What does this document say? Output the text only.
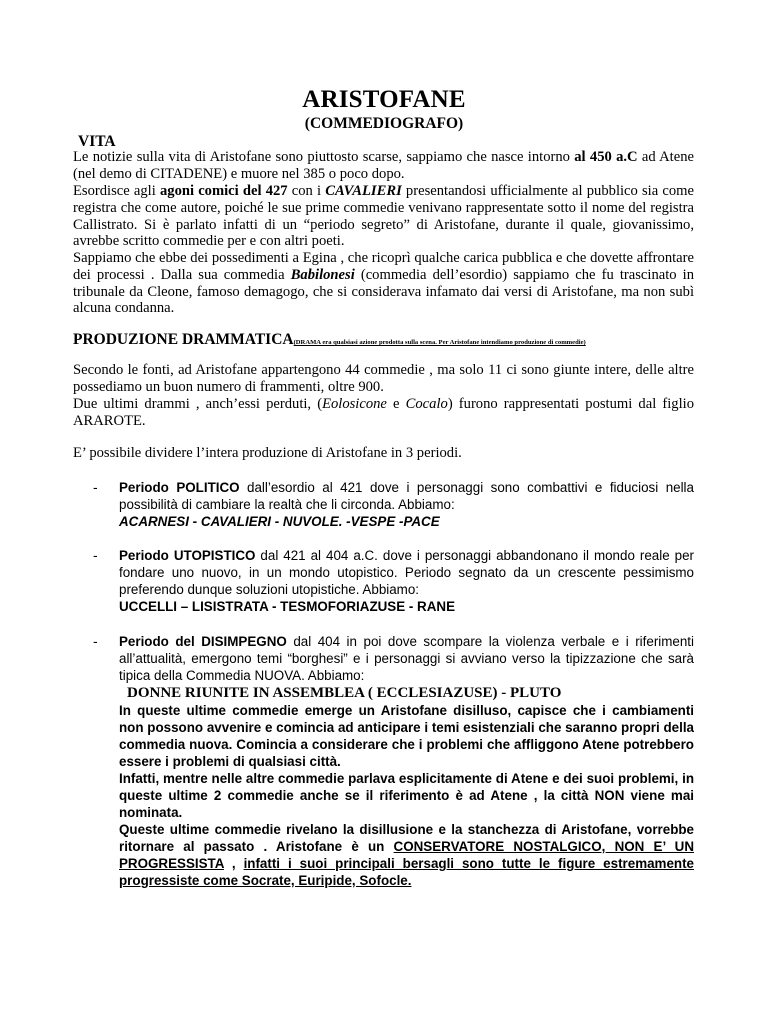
ARISTOFANE
(COMMEDIOGRAFO)
VITA
Le notizie sulla vita di Aristofane sono piuttosto scarse, sappiamo che nasce intorno al 450 a.C ad Atene (nel demo di CITADENE) e muore nel 385 o poco dopo.
Esordisce agli agoni comici del 427 con i CAVALIERI presentandosi ufficialmente al pubblico sia come registra che come autore, poiché le sue prime commedie venivano rappresentate sotto il nome del registra Callistrato. Si è parlato infatti di un “periodo segreto” di Aristofane, durante il quale, giovanissimo, avrebbe scritto commedie per e con altri poeti.
Sappiamo che ebbe dei possedimenti a Egina , che ricoprì qualche carica pubblica e che dovette affrontare dei processi . Dalla sua commedia Babilonesi (commedia dell’esordio) sappiamo che fu trascinato in tribunale da Cleone, famoso demagogo, che si considerava infamato dai versi di Aristofane, ma non subì alcuna condanna.
PRODUZIONE DRAMMATICA(DRAMA era qualsiasi azione prodotta sulla scena. Per Aristofane intendiamo produzione di commedie)
Secondo le fonti, ad Aristofane appartengono 44 commedie , ma solo 11 ci sono giunte intere, delle altre possediamo un buon numero di frammenti, oltre 900.
Due ultimi drammi , anch’essi perduti, (Eolosicone e Cocalo) furono rappresentati postumi dal figlio ARAROTE.
E’ possibile dividere l’intera produzione di Aristofane in 3 periodi.
- Periodo POLITICO dall’esordio al 421 dove i personaggi sono combattivi e fiduciosi nella possibilità di cambiare la realtà che li circonda. Abbiamo:
ACARNESI - CAVALIERI - NUVOLE. -VESPE -PACE
- Periodo UTOPISTICO dal 421 al 404 a.C. dove i personaggi abbandonano il mondo reale per fondare uno nuovo, in un mondo utopistico. Periodo segnato da un crescente pessimismo preferendo dunque soluzioni utopistiche. Abbiamo:
UCCELLI – LISISTRATA - TESMOFORIAZUSE - RANE
- Periodo del DISIMPEGNO dal 404 in poi dove scompare la violenza verbale e i riferimenti all’attualità, emergono temi “borghesi” e i personaggi si avviano verso la tipizzazione che sarà tipica della Commedia NUOVA. Abbiamo:
DONNE RIUNITE IN ASSEMBLEA ( ECCLESIAZUSE) - PLUTO
In queste ultime commedie emerge un Aristofane disilluso, capisce che i cambiamenti non possono avvenire e comincia ad anticipare i temi esistenziali che saranno propri della commedia nuova. Comincia a considerare che i problemi che affliggono Atene potrebbero essere i problemi di qualsiasi città.
Infatti, mentre nelle altre commedie parlava esplicitamente di Atene e dei suoi problemi, in queste ultime 2 commedie anche se il riferimento è ad Atene , la città NON viene mai nominata.
Queste ultime commedie rivelano la disillusione e la stanchezza di Aristofane, vorrebbe ritornare al passato . Aristofane è un CONSERVATORE NOSTALGICO, NON E’ UN PROGRESSISTA , infatti i suoi principali bersagli sono tutte le figure estremamente progressiste come Socrate, Euripide, Sofocle.
